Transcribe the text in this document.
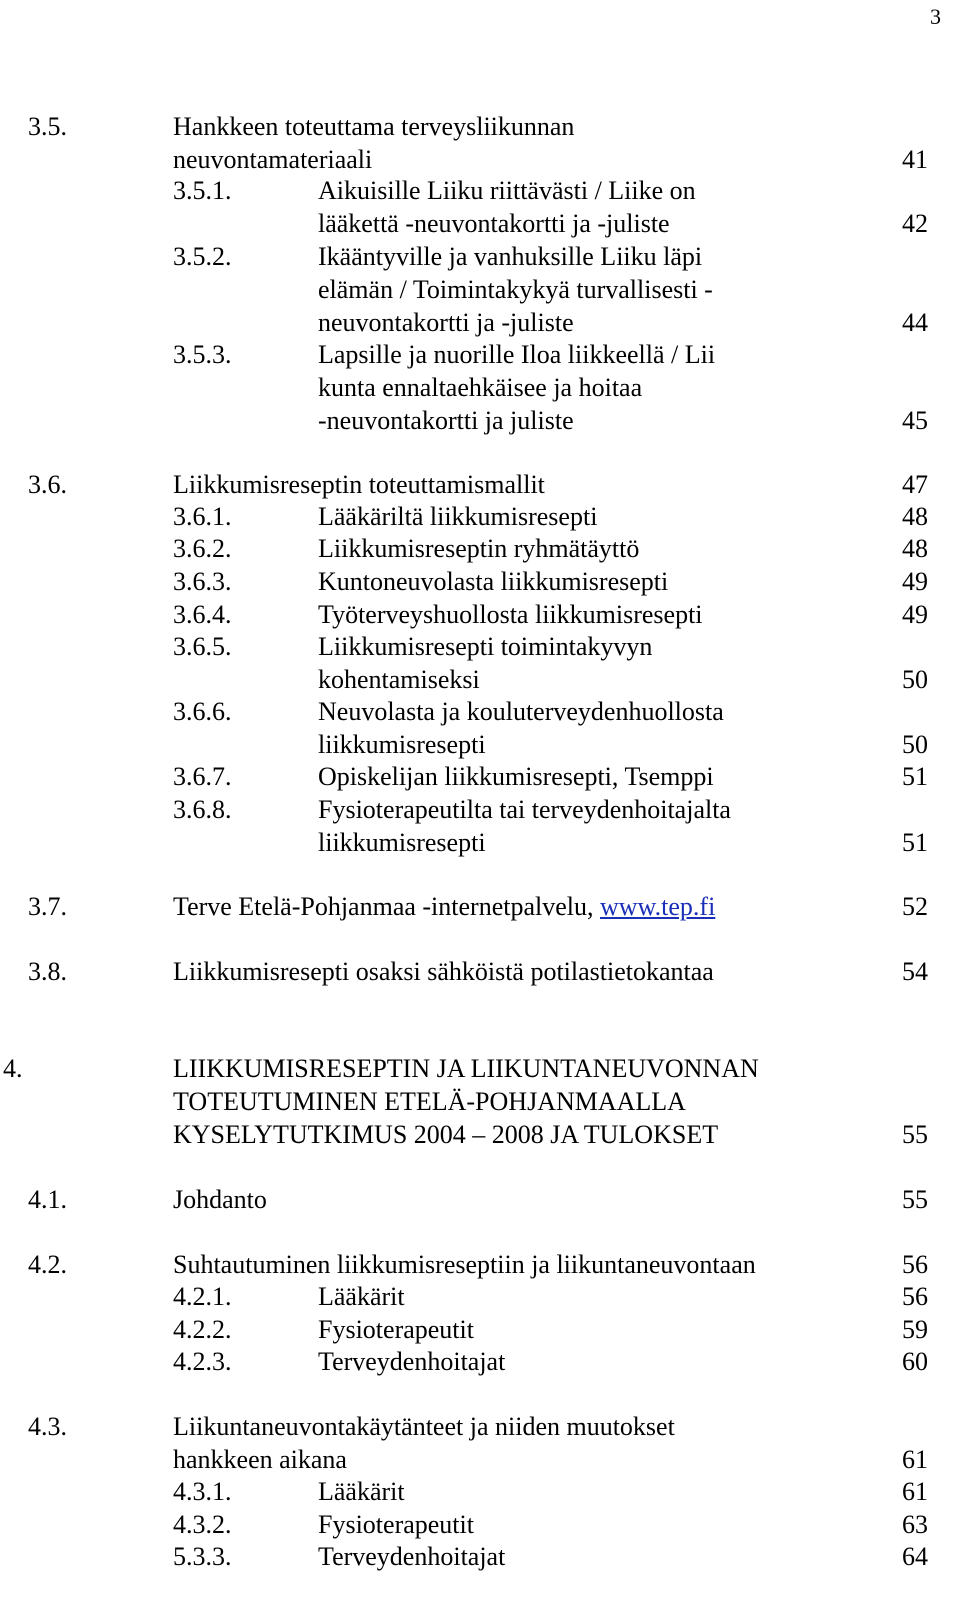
3
3.5.	Hankkeen toteuttama terveysliikunnan
neuvontamateriaali	41
3.5.1.	Aikuisille Liiku riittävästi / Liike on
lääkettä -neuvontakortti ja -juliste	42
3.5.2.	Ikääntyville ja vanhuksille Liiku läpi
elämän / Toimintakykyä turvallisesti -
neuvontakortti ja -juliste	44
3.5.3.	Lapsille ja nuorille Iloa liikkeellä / Lii
kunta ennaltaehkäisee ja hoitaa
-neuvontakortti ja juliste	45
3.6.	Liikkumisreseptin toteuttamismallit	47
3.6.1.	Lääkäriltä liikkumisresepti	48
3.6.2.	Liikkumisreseptin ryhmätäyttö	48
3.6.3.	Kuntoneuvolasta liikkumisresepti	49
3.6.4.	Työterveyshuollosta liikkumisresepti	49
3.6.5.	Liikkumisresepti toimintakyvyn
kohentamiseksi	50
3.6.6.	Neuvolasta ja kouluterveydenhuollosta
liikkumisresepti	50
3.6.7.	Opiskelijan liikkumisresepti, Tsemppi	51
3.6.8.	Fysioterapeutilta tai terveydenhoitajalta
liikkumisresepti	51
3.7.	Terve Etelä-Pohjanmaa -internetpalvelu, www.tep.fi	52
3.8.	Liikkumisresepti osaksi sähköistä potilastietokantaa	54
4.	LIIKKUMISRESEPTIN JA LIIKUNTANEUVONNAN
TOTEUTUMINEN ETELÄ-POHJANMAALLA
KYSELYTUTKIMUS 2004 – 2008 JA TULOKSET	55
4.1.	Johdanto	55
4.2.	Suhtautuminen liikkumisreseptiin ja liikuntaneuvontaan	56
4.2.1.	Lääkärit	56
4.2.2.	Fysioterapeutit	59
4.2.3.	Terveydenhoitajat	60
4.3.	Liikuntaneuvontakäytänteet ja niiden muutokset
hankkeen aikana	61
4.3.1.	Lääkärit	61
4.3.2.	Fysioterapeutit	63
5.3.3.	Terveydenhoitajat	64
